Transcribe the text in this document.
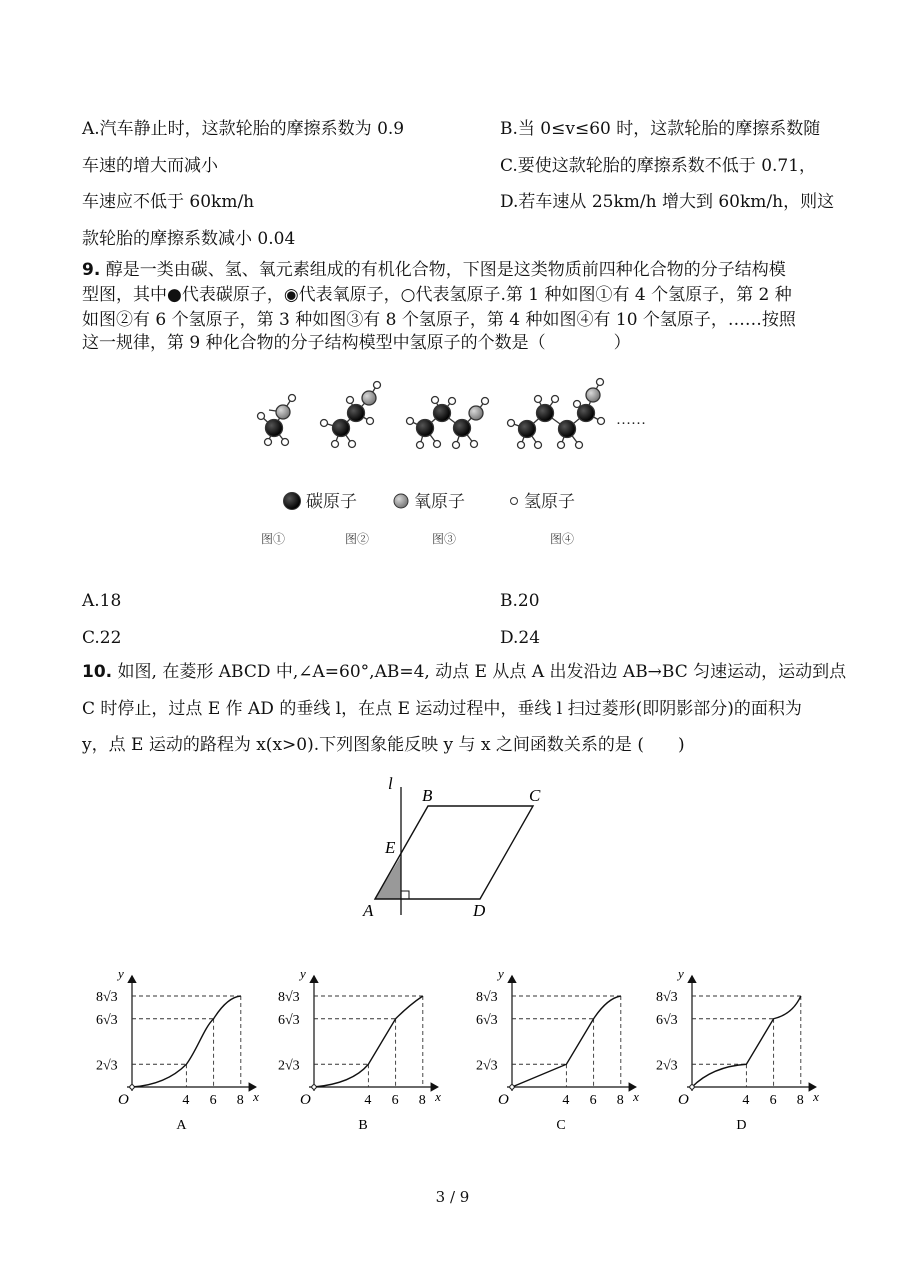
A.汽车静止时，这款轮胎的摩擦系数为 0.9	B.当 0≤v≤60 时，这款轮胎的摩擦系数随
车速的增大而减小	C.要使这款轮胎的摩擦系数不低于 0.71，
车速应不低于 60km/h	D.若车速从 25km/h 增大到 60km/h，则这
款轮胎的摩擦系数减小 0.04
9. 醇是一类由碳、氢、氧元素组成的有机化合物，下图是这类物质前四种化合物的分子结构模
型图，其中●代表碳原子，◉代表氧原子，○代表氢原子.第 1 种如图①有 4 个氢原子，第 2 种
如图②有 6 个氢原子，第 3 种如图③有 8 个氢原子，第 4 种如图④有 10 个氢原子，……按照
这一规律，第 9 种化合物的分子结构模型中氢原子的个数是（　　　　）
……
碳原子	氧原子	氢原子
图①	图②	图③	图④
A.18	B.20
C.22	D.24
10. 如图, 在菱形 ABCD 中,∠A=60°,AB=4, 动点 E 从点 A 出发沿边 AB→BC 匀速运动，运动到点
C 时停止，过点 E 作 AD 的垂线 l，在点 E 运动过程中，垂线 l 扫过菱形(即阴影部分)的面积为
y，点 E 运动的路程为 x(x>0).下列图象能反映 y 与 x 之间函数关系的是 (　　)
l
B	C
E
A	D
y
x
O
8√3
6√3
2√3
4 6 8
A
y
x
O
8√3
6√3
2√3
4 6 8
B
y
x
O
8√3
6√3
2√3
4 6 8
C
y
x
O
8√3
6√3
2√3
4 6 8
D
3 / 9
